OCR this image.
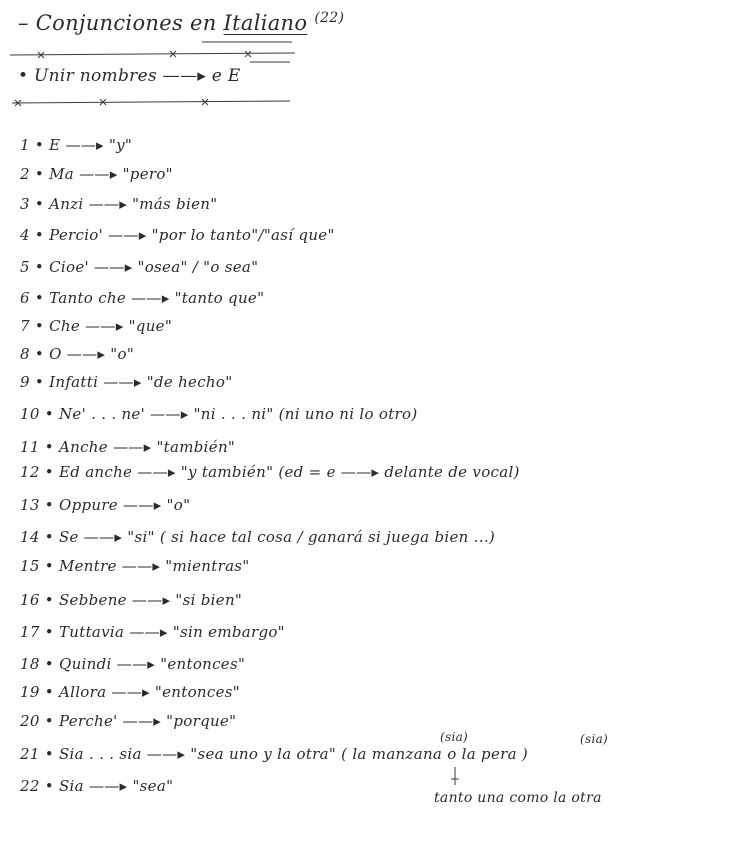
– Conjunciones en Italiano $^{(22)}$
• Unir nombres ——▸ e E
1 • E ——▸ "y"
2 • Ma ——▸ "pero"
3 • Anzi ——▸ "más bien"
4 • Percio' ——▸ "por lo tanto"/"así que"
5 • Cioe' ——▸ "osea" / "o sea"
6 • Tanto che ——▸ "tanto que"
7 • Che ——▸ "que"
8 • O ——▸ "o"
9 • Infatti ——▸ "de hecho"
10 • Ne' . . . ne' ——▸ "ni . . . ni" (ni uno ni lo otro)
11 • Anche ——▸ "también"
12 • Ed anche ——▸ "y también" (ed = e ——▸ delante de vocal)
13 • Oppure ——▸ "o"
14 • Se ——▸ "si" ( si hace tal cosa / ganará si juega bien ...)
15 • Mentre ——▸ "mientras"
16 • Sebbene ——▸ "si bien"
17 • Tuttavia ——▸ "sin embargo"
18 • Quindi ——▸ "entonces"
19 • Allora ——▸ "entonces"
20 • Perche' ——▸ "porque"
21 • Sia . . . sia ——▸ "sea uno y la otra" ( la manzana o la pera )
22 • Sia ——▸ "sea"
(sia)	(sia)
tanto una como la otra
